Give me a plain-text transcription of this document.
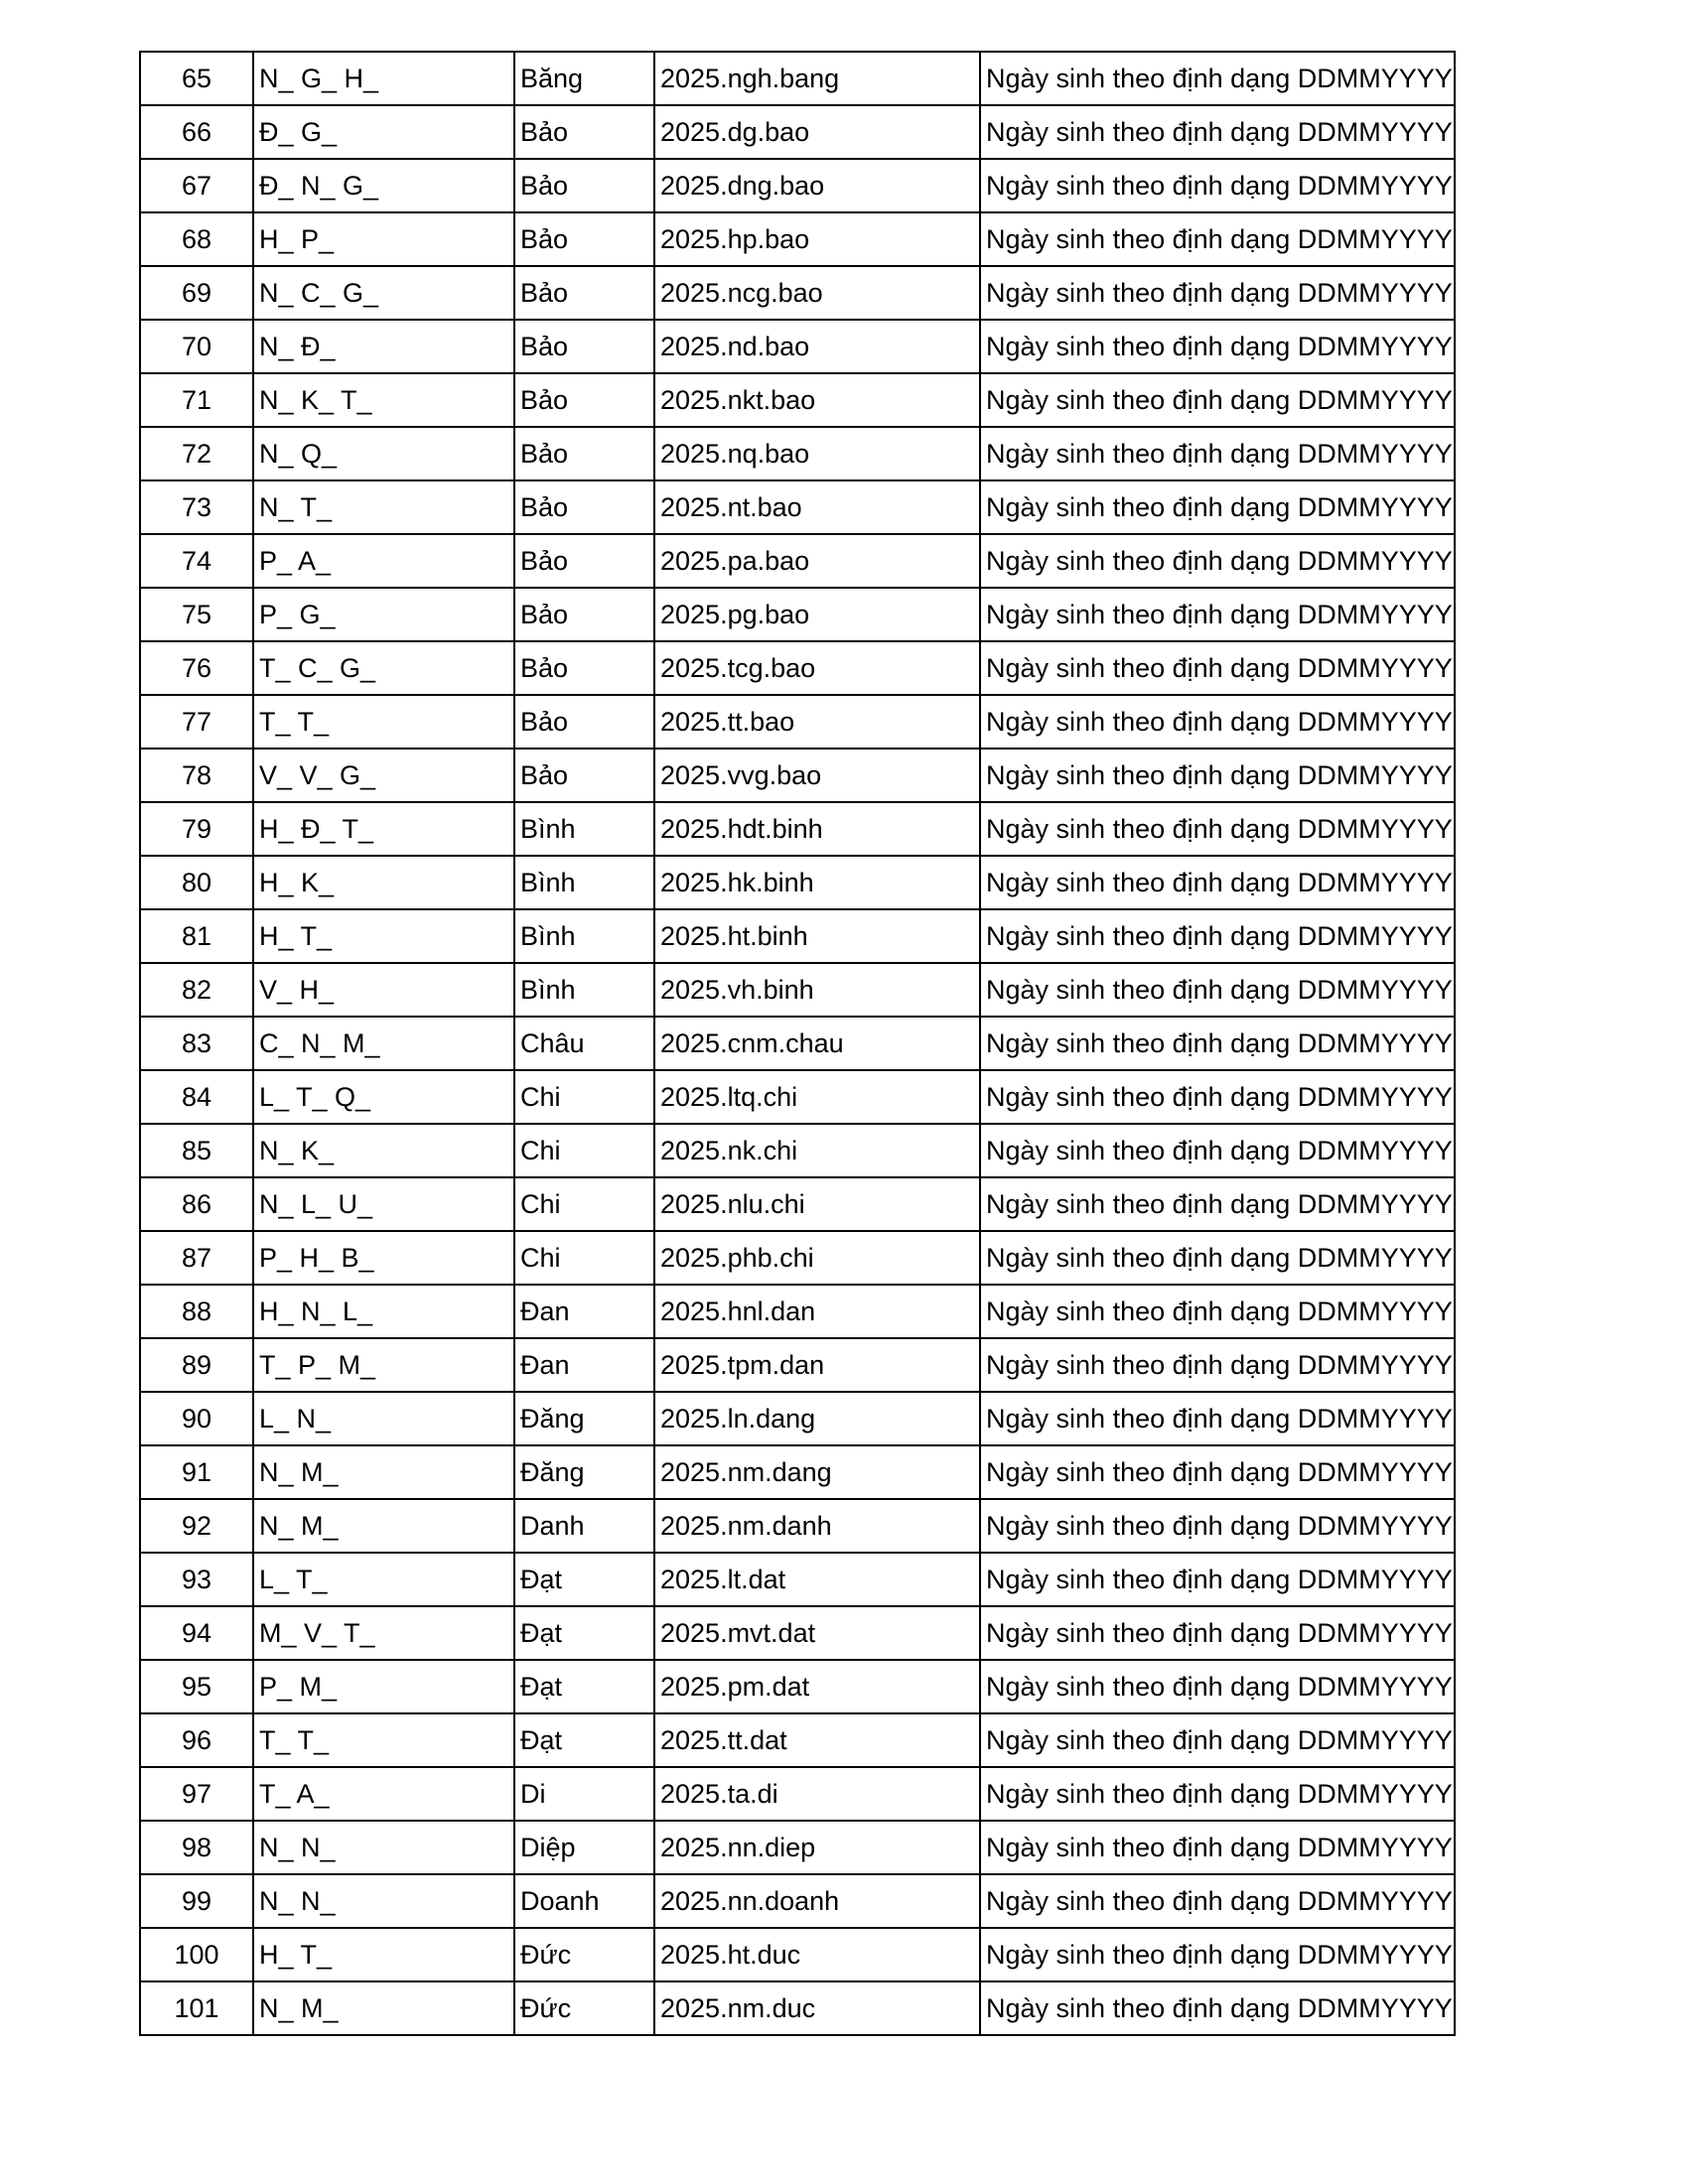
65	N_ G_ H_	Băng	2025.ngh.bang	Ngày sinh theo định dạng DDMMYYYY
66	Đ_ G_	Bảo	2025.dg.bao	Ngày sinh theo định dạng DDMMYYYY
67	Đ_ N_ G_	Bảo	2025.dng.bao	Ngày sinh theo định dạng DDMMYYYY
68	H_ P_	Bảo	2025.hp.bao	Ngày sinh theo định dạng DDMMYYYY
69	N_ C_ G_	Bảo	2025.ncg.bao	Ngày sinh theo định dạng DDMMYYYY
70	N_ Đ_	Bảo	2025.nd.bao	Ngày sinh theo định dạng DDMMYYYY
71	N_ K_ T_	Bảo	2025.nkt.bao	Ngày sinh theo định dạng DDMMYYYY
72	N_ Q_	Bảo	2025.nq.bao	Ngày sinh theo định dạng DDMMYYYY
73	N_ T_	Bảo	2025.nt.bao	Ngày sinh theo định dạng DDMMYYYY
74	P_ A_	Bảo	2025.pa.bao	Ngày sinh theo định dạng DDMMYYYY
75	P_ G_	Bảo	2025.pg.bao	Ngày sinh theo định dạng DDMMYYYY
76	T_ C_ G_	Bảo	2025.tcg.bao	Ngày sinh theo định dạng DDMMYYYY
77	T_ T_	Bảo	2025.tt.bao	Ngày sinh theo định dạng DDMMYYYY
78	V_ V_ G_	Bảo	2025.vvg.bao	Ngày sinh theo định dạng DDMMYYYY
79	H_ Đ_ T_	Bình	2025.hdt.binh	Ngày sinh theo định dạng DDMMYYYY
80	H_ K_	Bình	2025.hk.binh	Ngày sinh theo định dạng DDMMYYYY
81	H_ T_	Bình	2025.ht.binh	Ngày sinh theo định dạng DDMMYYYY
82	V_ H_	Bình	2025.vh.binh	Ngày sinh theo định dạng DDMMYYYY
83	C_ N_ M_	Châu	2025.cnm.chau	Ngày sinh theo định dạng DDMMYYYY
84	L_ T_ Q_	Chi	2025.ltq.chi	Ngày sinh theo định dạng DDMMYYYY
85	N_ K_	Chi	2025.nk.chi	Ngày sinh theo định dạng DDMMYYYY
86	N_ L_ U_	Chi	2025.nlu.chi	Ngày sinh theo định dạng DDMMYYYY
87	P_ H_ B_	Chi	2025.phb.chi	Ngày sinh theo định dạng DDMMYYYY
88	H_ N_ L_	Đan	2025.hnl.dan	Ngày sinh theo định dạng DDMMYYYY
89	T_ P_ M_	Đan	2025.tpm.dan	Ngày sinh theo định dạng DDMMYYYY
90	L_ N_	Đăng	2025.ln.dang	Ngày sinh theo định dạng DDMMYYYY
91	N_ M_	Đăng	2025.nm.dang	Ngày sinh theo định dạng DDMMYYYY
92	N_ M_	Danh	2025.nm.danh	Ngày sinh theo định dạng DDMMYYYY
93	L_ T_	Đạt	2025.lt.dat	Ngày sinh theo định dạng DDMMYYYY
94	M_ V_ T_	Đạt	2025.mvt.dat	Ngày sinh theo định dạng DDMMYYYY
95	P_ M_	Đạt	2025.pm.dat	Ngày sinh theo định dạng DDMMYYYY
96	T_ T_	Đạt	2025.tt.dat	Ngày sinh theo định dạng DDMMYYYY
97	T_ A_	Di	2025.ta.di	Ngày sinh theo định dạng DDMMYYYY
98	N_ N_	Diệp	2025.nn.diep	Ngày sinh theo định dạng DDMMYYYY
99	N_ N_	Doanh	2025.nn.doanh	Ngày sinh theo định dạng DDMMYYYY
100	H_ T_	Đức	2025.ht.duc	Ngày sinh theo định dạng DDMMYYYY
101	N_ M_	Đức	2025.nm.duc	Ngày sinh theo định dạng DDMMYYYY
